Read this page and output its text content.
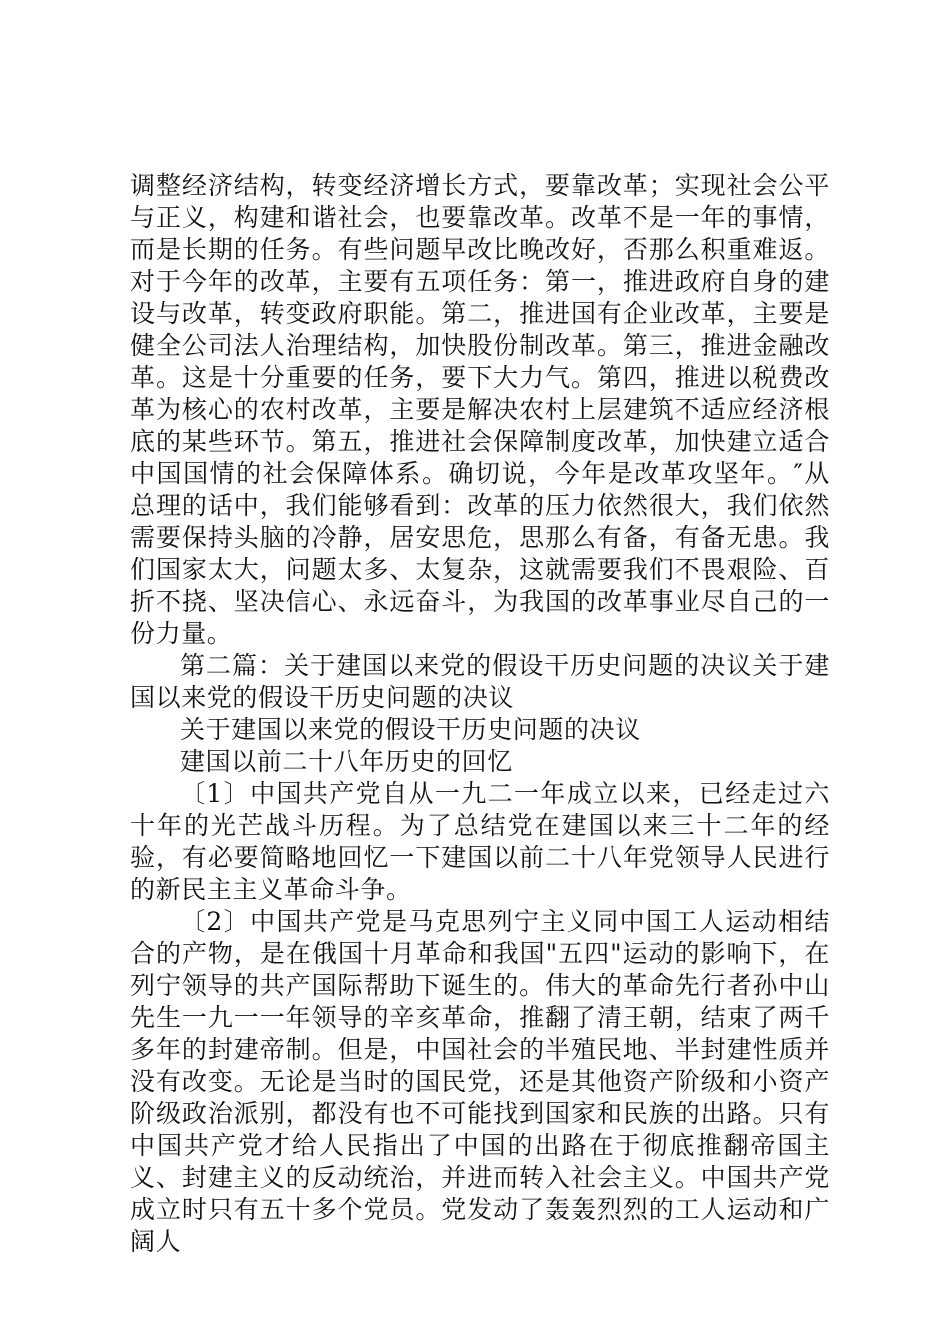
调整经济结构，转变经济增长方式，要靠改革；实现社会公平与正义，构建和谐社会，也要靠改革。改革不是一年的事情，而是长期的任务。有些问题早改比晚改好，否那么积重难返。对于今年的改革，主要有五项任务：第一，推进政府自身的建设与改革，转变政府职能。第二，推进国有企业改革，主要是健全公司法人治理结构，加快股份制改革。第三，推进金融改革。这是十分重要的任务，要下大力气。第四，推进以税费改革为核心的农村改革，主要是解决农村上层建筑不适应经济根底的某些环节。第五，推进社会保障制度改革，加快建立适合中国国情的社会保障体系。确切说，今年是改革攻坚年。″从总理的话中，我们能够看到：改革的压力依然很大，我们依然需要保持头脑的冷静，居安思危，思那么有备，有备无患。我们国家太大，问题太多、太复杂，这就需要我们不畏艰险、百折不挠、坚决信心、永远奋斗，为我国的改革事业尽自己的一份力量。

第二篇：关于建国以来党的假设干历史问题的决议关于建国以来党的假设干历史问题的决议

关于建国以来党的假设干历史问题的决议

建国以前二十八年历史的回忆

〔1〕中国共产党自从一九二一年成立以来，已经走过六十年的光芒战斗历程。为了总结党在建国以来三十二年的经验，有必要简略地回忆一下建国以前二十八年党领导人民进行的新民主主义革命斗争。

〔2〕中国共产党是马克思列宁主义同中国工人运动相结合的产物，是在俄国十月革命和我国"五四"运动的影响下，在列宁领导的共产国际帮助下诞生的。伟大的革命先行者孙中山先生一九一一年领导的辛亥革命，推翻了清王朝，结束了两千多年的封建帝制。但是，中国社会的半殖民地、半封建性质并没有改变。无论是当时的国民党，还是其他资产阶级和小资产阶级政治派别，都没有也不可能找到国家和民族的出路。只有中国共产党才给人民指出了中国的出路在于彻底推翻帝国主义、封建主义的反动统治，并进而转入社会主义。中国共产党成立时只有五十多个党员。党发动了轰轰烈烈的工人运动和广阔人
